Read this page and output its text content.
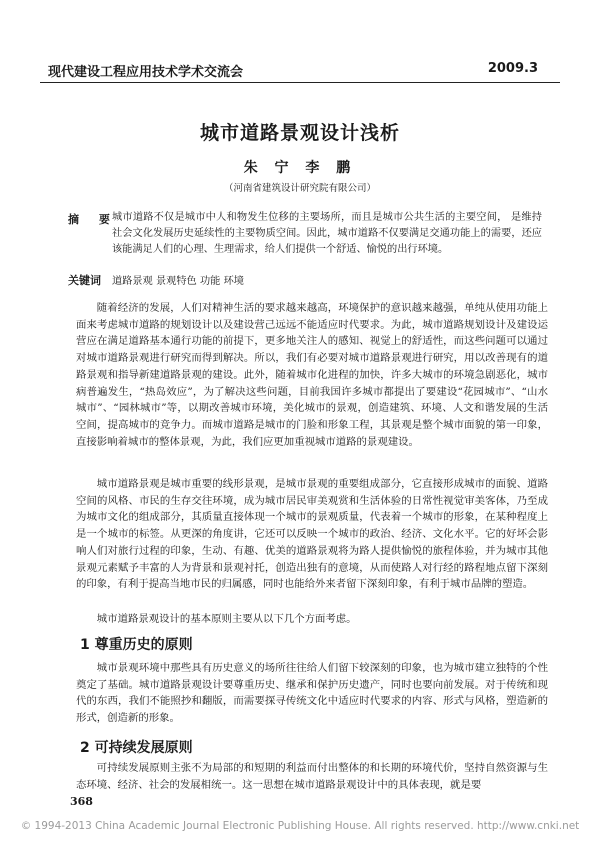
现代建设工程应用技术学术交流会	2009.3
城市道路景观设计浅析
朱 宁 李 鹏
（河南省建筑设计研究院有限公司）
摘 要
城市道路不仅是城市中人和物发生位移的主要场所，而且是城市公共生活的主要空间， 是维持社会文化发展历史延续性的主要物质空间。因此，城市道路不仅要满足交通功能上的需要，还应该能满足人们的心理、生理需求，给人们提供一个舒适、愉悦的出行环境。
关键词 道路景观 景观特色 功能 环境
随着经济的发展，人们对精神生活的要求越来越高，环境保护的意识越来越强，单纯从使用功能上面来考虑城市道路的规划设计以及建设营己远远不能适应时代要求。为此，城市道路规划设计及建设运营应在满足道路基本通行功能的前提下，更多地关注人的感知、视觉上的舒适性，而这些问题可以通过对城市道路景观进行研究而得到解决。所以，我们有必要对城市道路景观进行研究，用以改善现有的道路景观和指导新建道路景观的建设。此外，随着城市化进程的加快，许多大城市的环境急剧恶化，城市病普遍发生，“热岛效应”，为了解决这些问题，目前我国许多城市都提出了要建设“花园城市”、“山水城市”、“园林城市”等，以期改善城市环境，美化城市的景观，创造建筑、环境、人文和谐发展的生活空间，提高城市的竞争力。而城市道路是城市的门脸和形象工程，其景观是整个城市面貌的第一印象，直接影响着城市的整体景观，为此，我们应更加重视城市道路的景观建设。
城市道路景观是城市重要的线形景观，是城市景观的重要组成部分，它直接形成城市的面貌、道路空间的风格、市民的生存交往环境，成为城市居民审美观赏和生活体验的日常性视觉审美客体，乃至成为城市文化的组成部分，其质量直接体现一个城市的景观质量，代表着一个城市的形象，在某种程度上是一个城市的标签。从更深的角度讲，它还可以反映一个城市的政治、经济、文化水平。它的好坏会影响人们对旅行过程的印象，生动、有趣、优美的道路景观将为路人提供愉悦的旅程体验，并为城市其他景观元素赋予丰富的人为背景和景观衬托，创造出独有的意境，从而使路人对行经的路程地点留下深刻的印象，有利于提高当地市民的归属感，同时也能给外来者留下深刻印象，有利于城市品牌的塑造。
城市道路景观设计的基本原则主要从以下几个方面考虑。
1 尊重历史的原则
城市景观环境中那些具有历史意义的场所往往给人们留下较深刻的印象，也为城市建立独特的个性奠定了基础。城市道路景观设计要尊重历史、继承和保护历史遗产，同时也要向前发展。对于传统和现代的东西，我们不能照抄和翻版，而需要探寻传统文化中适应时代要求的内容、形式与风格，塑造新的形式，创造新的形象。
2 可持续发展原则
可持续发展原则主张不为局部的和短期的利益而付出整体的和长期的环境代价，坚持自然资源与生态环境、经济、社会的发展相统一。这一思想在城市道路景观设计中的具体表现，就是要
368
© 1994-2013 China Academic Journal Electronic Publishing House. All rights reserved. http://www.cnki.net
